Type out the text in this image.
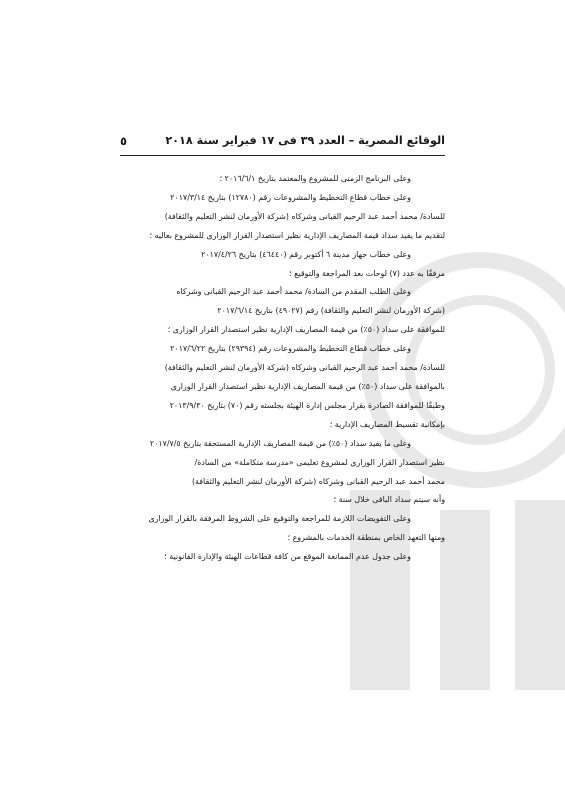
الوقائع المصرية – العدد ٣٩ فى ١٧ فبراير سنة ٢٠١٨
٥

وعلى البرنامج الزمنى للمشروع والمعتمد بتاريخ ٢٠١٦/٦/١ ؛

وعلى خطاب قطاع التخطيط والمشروعات رقم (١٢٧٨٠) بتاريخ ٢٠١٧/٣/١٤

للسادة/ محمد أحمد عبد الرحيم القبانى وشركاه (شركة الأورمان لنشر التعليم والثقافة)

لتقديم ما يفيد سداد قيمة المصاريف الإدارية نظير استصدار القرار الوزارى للمشروع بعاليه ؛

وعلى خطاب جهاز مدينة ٦ أكتوبر رقم (٤٦٤٤٠) بتاريخ ٢٠١٧/٤/٢٦

مرفقًا به عدد (٧) لوحات بعد المراجعة والتوقيع ؛

وعلى الطلب المقدم من السادة/ محمد أحمد عبد الرحيم القبانى وشركاه

(شركة الأورمان لنشر التعليم والثقافة) رقم (٤٩٠٢٧) بتاريخ ٢٠١٧/٦/١٤

للموافقة على سداد (٥٠٪) من قيمة المصاريف الإدارية نظير استصدار القرار الوزارى ؛

وعلى خطاب قطاع التخطيط والمشروعات رقم (٢٩٣٩٤) بتاريخ ٢٠١٧/٦/٢٢

للسادة/ محمد أحمد عبد الرحيم القبانى وشركاه (شركة الأورمان لنشر التعليم والثقافة)

بالموافقة على سداد (٥٠٪) من قيمة المصاريف الإدارية نظير استصدار القرار الوزارى

وطبقًا للموافقة الصادرة بقرار مجلس إدارة الهيئة بجلسته رقم (٧٠) بتاريخ ٢٠١٣/٩/٣٠

بإمكانية تقسيط المصاريف الإدارية ؛

وعلى ما يفيد سداد (٥٠٪) من قيمة المصاريف الإدارية المستحقة بتاريخ ٢٠١٧/٧/٥

نظير استصدار القرار الوزارى لمشروع تعليمى «مدرسة متكاملة» من السادة/

محمد أحمد عبد الرحيم القبانى وشركاه (شركة الأورمان لنشر التعليم والثقافة)

وأنه سيتم سداد الباقى خلال سنة ؛

وعلى التفويضات اللازمة للمراجعة والتوقيع على الشروط المرفقة بالقرار الوزارى

ومنها التعهد الخاص بمنطقة الخدمات بالمشروع ؛

وعلى جدول عدم الممانعة الموقع من كافة قطاعات الهيئة والإدارة القانونية ؛
